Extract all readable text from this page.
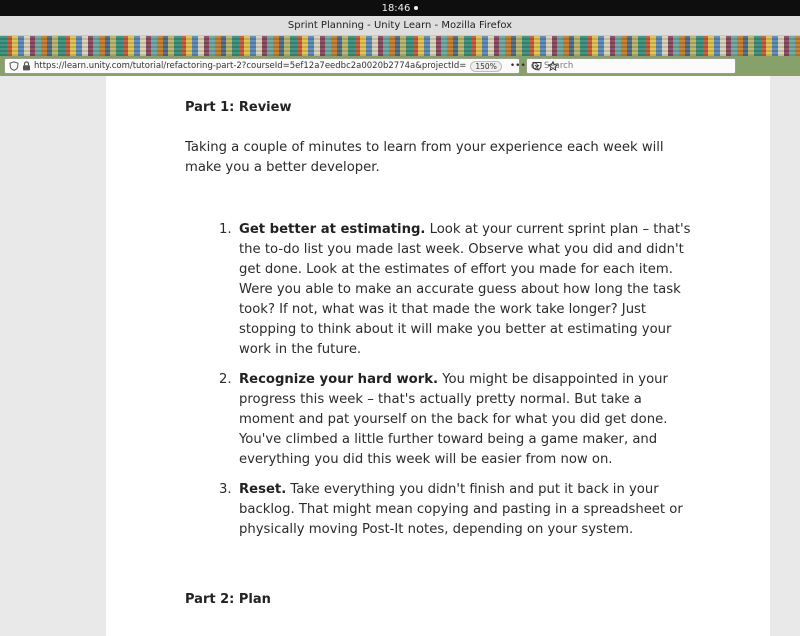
18:46
Sprint Planning - Unity Learn - Mozilla Firefox
https://learn.unity.com/tutorial/refactoring-part-2?courseId=5ef12a7eedbc2a0020b2774a&projectId=	150%	••• Search
Part 1: Review

Taking a couple of minutes to learn from your experience each week will make you a better developer.

1. Get better at estimating. Look at your current sprint plan – that's the to-do list you made last week. Observe what you did and didn't get done. Look at the estimates of effort you made for each item. Were you able to make an accurate guess about how long the task took? If not, what was it that made the work take longer? Just stopping to think about it will make you better at estimating your work in the future.
2. Recognize your hard work. You might be disappointed in your progress this week – that's actually pretty normal. But take a moment and pat yourself on the back for what you did get done. You've climbed a little further toward being a game maker, and everything you did this week will be easier from now on.
3. Reset. Take everything you didn't finish and put it back in your backlog. That might mean copying and pasting in a spreadsheet or physically moving Post-It notes, depending on your system.
Part 2: Plan
